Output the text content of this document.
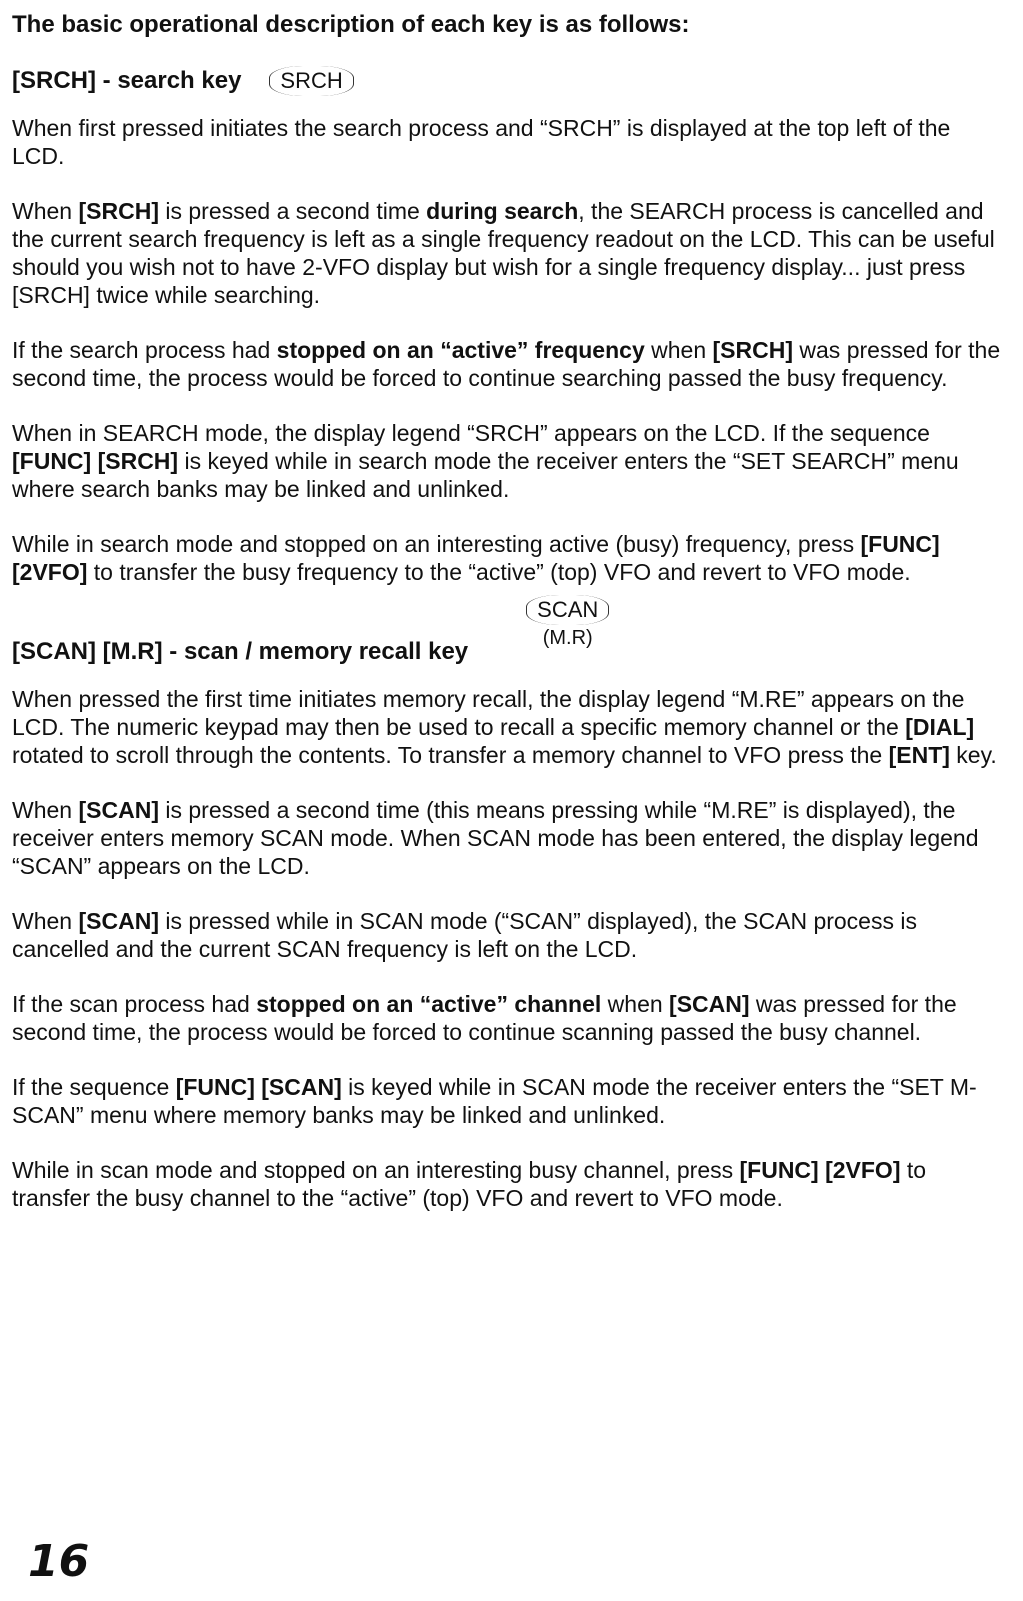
The basic operational description of each key is as follows:
[SRCH] - search key	SRCH

When first pressed initiates the search process and “SRCH” is displayed at the top left of the LCD.

When [SRCH] is pressed a second time during search, the SEARCH process is cancelled and the current search frequency is left as a single frequency readout on the LCD. This can be useful should you wish not to have 2-VFO display but wish for a single frequency display... just press [SRCH] twice while searching.

If the search process had stopped on an “active” frequency when [SRCH] was pressed for the second time, the process would be forced to continue searching passed the busy frequency.

When in SEARCH mode, the display legend “SRCH” appears on the LCD. If the sequence [FUNC] [SRCH] is keyed while in search mode the receiver enters the “SET SEARCH” menu where search banks may be linked and unlinked.

While in search mode and stopped on an interesting active (busy) frequency, press [FUNC] [2VFO] to transfer the busy frequency to the “active” (top) VFO and revert to VFO mode.

[SCAN] [M.R] - scan / memory recall key
SCAN
(M.R)

When pressed the first time initiates memory recall, the display legend “M.RE” appears on the LCD. The numeric keypad may then be used to recall a specific memory channel or the [DIAL] rotated to scroll through the contents. To transfer a memory channel to VFO press the [ENT] key.

When [SCAN] is pressed a second time (this means pressing while “M.RE” is displayed), the receiver enters memory SCAN mode. When SCAN mode has been entered, the display legend “SCAN” appears on the LCD.

When [SCAN] is pressed while in SCAN mode (“SCAN” displayed), the SCAN process is cancelled and the current SCAN frequency is left on the LCD.

If the scan process had stopped on an “active” channel when [SCAN] was pressed for the second time, the process would be forced to continue scanning passed the busy channel.

If the sequence [FUNC] [SCAN] is keyed while in SCAN mode the receiver enters the “SET M-SCAN” menu where memory banks may be linked and unlinked.

While in scan mode and stopped on an interesting busy channel, press [FUNC] [2VFO] to transfer the busy channel to the “active” (top) VFO and revert to VFO mode.

16
